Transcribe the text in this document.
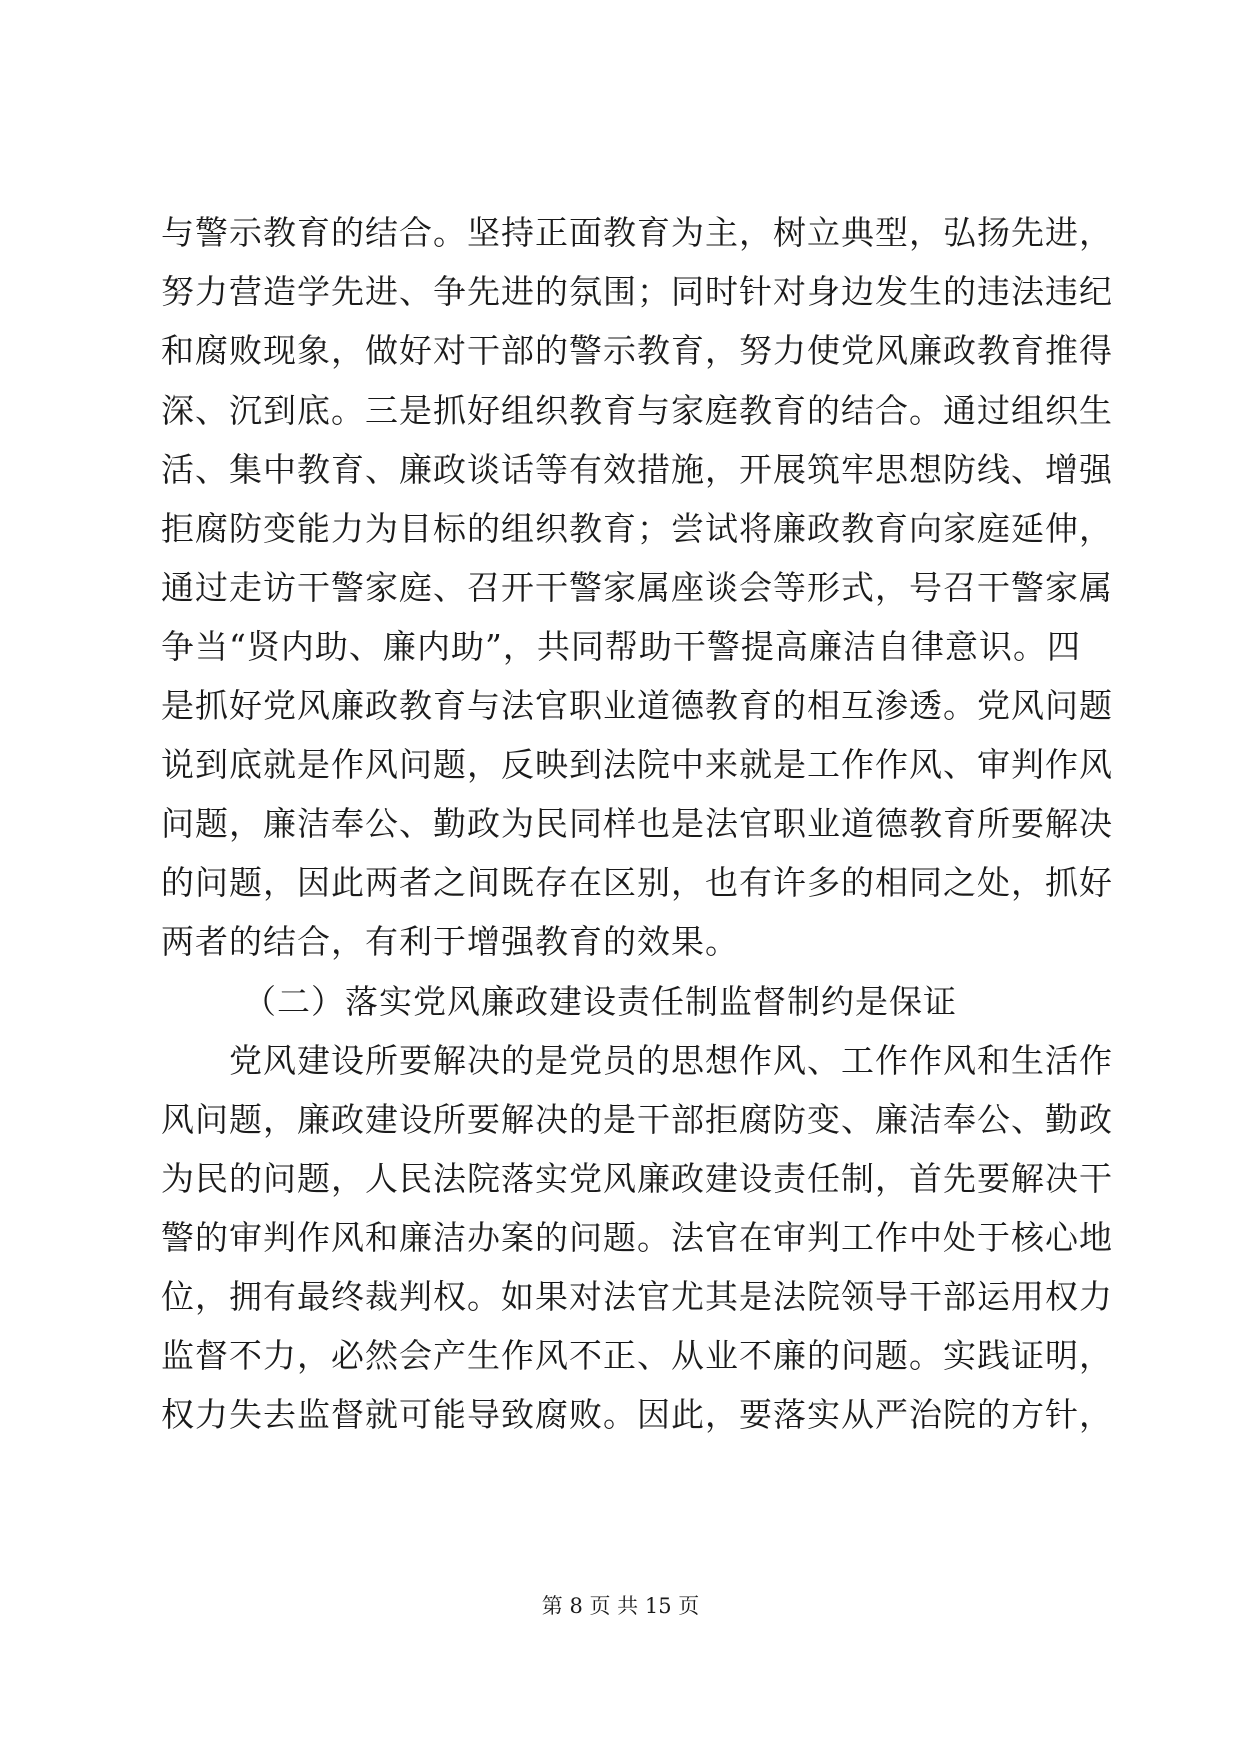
与警示教育的结合。坚持正面教育为主，树立典型，弘扬先进，
努力营造学先进、争先进的氛围；同时针对身边发生的违法违纪
和腐败现象，做好对干部的警示教育，努力使党风廉政教育推得
深、沉到底。三是抓好组织教育与家庭教育的结合。通过组织生
活、集中教育、廉政谈话等有效措施，开展筑牢思想防线、增强
拒腐防变能力为目标的组织教育；尝试将廉政教育向家庭延伸，
通过走访干警家庭、召开干警家属座谈会等形式，号召干警家属
争当“贤内助、廉内助”，共同帮助干警提高廉洁自律意识。四
是抓好党风廉政教育与法官职业道德教育的相互渗透。党风问题
说到底就是作风问题，反映到法院中来就是工作作风、审判作风
问题，廉洁奉公、勤政为民同样也是法官职业道德教育所要解决
的问题，因此两者之间既存在区别，也有许多的相同之处，抓好
两者的结合，有利于增强教育的效果。
（二）落实党风廉政建设责任制监督制约是保证
党风建设所要解决的是党员的思想作风、工作作风和生活作
风问题，廉政建设所要解决的是干部拒腐防变、廉洁奉公、勤政
为民的问题，人民法院落实党风廉政建设责任制，首先要解决干
警的审判作风和廉洁办案的问题。法官在审判工作中处于核心地
位，拥有最终裁判权。如果对法官尤其是法院领导干部运用权力
监督不力，必然会产生作风不正、从业不廉的问题。实践证明，
权力失去监督就可能导致腐败。因此，要落实从严治院的方针，
第 8 页 共 15 页
